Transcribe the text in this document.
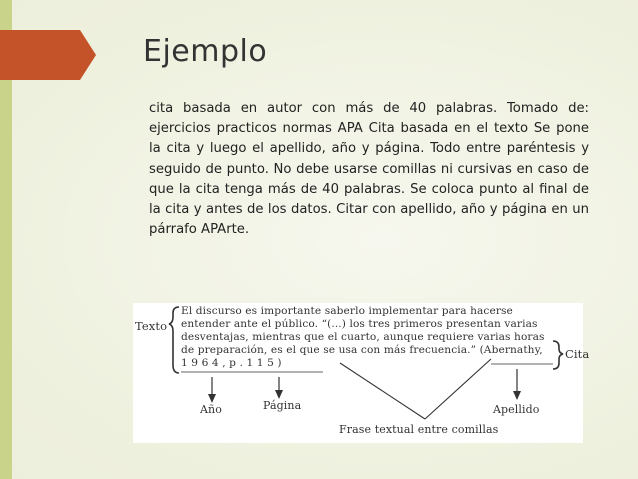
Ejemplo
cita basada en autor con más de 40 palabras. Tomado de: ejercicios practicos normas APA Cita basada en el texto Se pone la cita y luego el apellido, año y página. Todo entre paréntesis y seguido de punto. No debe usarse comillas ni cursivas en caso de que la cita tenga más de 40 palabras. Se coloca punto al final de la cita y antes de los datos. Citar con apellido, año y página en un párrafo APArte.
Texto
Cita
El discurso es importante saberlo implementar para hacerse
entender ante el público. “(...) los tres primeros presentan varias
desventajas, mientras que el cuarto, aunque requiere varias horas
de preparación, es el que se usa con más frecuencia.” (Abernathy,
1 9 6 4 , p . 1 1 5 )
Año	Página	Apellido
Frase textual entre comillas
